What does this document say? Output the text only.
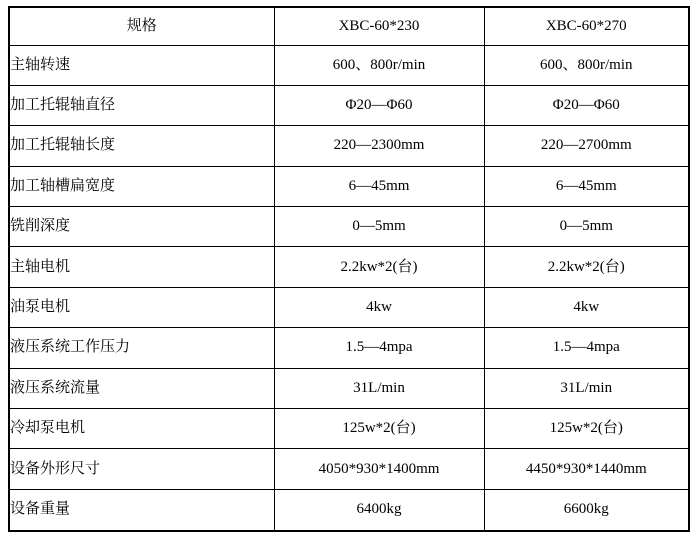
规格	XBC-60*230	XBC-60*270
主轴转速	600、800r/min	600、800r/min
加工托辊轴直径	Φ20—Φ60	Φ20—Φ60
加工托辊轴长度	220—2300mm	220—2700mm
加工轴槽扁宽度	6—45mm	6—45mm
铣削深度	0—5mm	0—5mm
主轴电机	2.2kw*2(台)	2.2kw*2(台)
油泵电机	4kw	4kw
液压系统工作压力	1.5—4mpa	1.5—4mpa
液压系统流量	31L/min	31L/min
冷却泵电机	125w*2(台)	125w*2(台)
设备外形尺寸	4050*930*1400mm	4450*930*1440mm
设备重量	6400kg	6600kg
